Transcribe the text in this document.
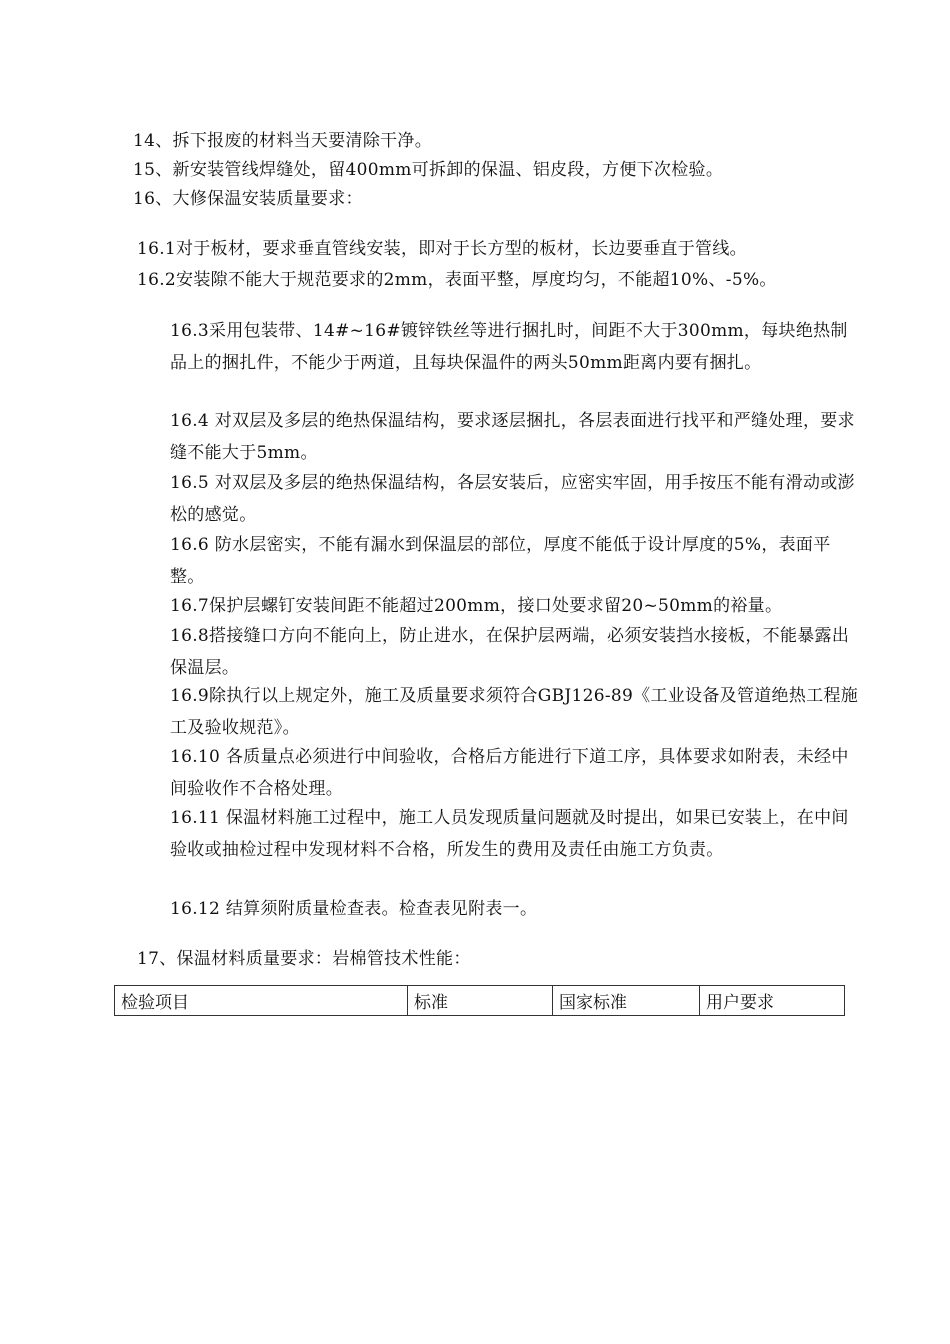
14、拆下报废的材料当天要清除干净。
15、新安装管线焊缝处，留400mm可拆卸的保温、铝皮段，方便下次检验。
16、大修保温安装质量要求：
16.1对于板材，要求垂直管线安装，即对于长方型的板材，长边要垂直于管线。
16.2安装隙不能大于规范要求的2mm，表面平整，厚度均匀，不能超10%、-5%。
16.3采用包装带、14#~16#镀锌铁丝等进行捆扎时，间距不大于300mm，每块绝热制品上的捆扎件，不能少于两道，且每块保温件的两头50mm距离内要有捆扎。
16.4 对双层及多层的绝热保温结构，要求逐层捆扎，各层表面进行找平和严缝处理，要求缝不能大于5mm。
16.5 对双层及多层的绝热保温结构，各层安装后，应密实牢固，用手按压不能有滑动或澎松的感觉。
16.6 防水层密实，不能有漏水到保温层的部位，厚度不能低于设计厚度的5%，表面平整。
16.7保护层螺钉安装间距不能超过200mm，接口处要求留20~50mm的裕量。
16.8搭接缝口方向不能向上，防止进水，在保护层两端，必须安装挡水接板，不能暴露出保温层。
16.9除执行以上规定外，施工及质量要求须符合GBJ126-89《工业设备及管道绝热工程施工及验收规范》。
16.10 各质量点必须进行中间验收，合格后方能进行下道工序，具体要求如附表，未经中间验收作不合格处理。
16.11 保温材料施工过程中，施工人员发现质量问题就及时提出，如果已安装上，在中间验收或抽检过程中发现材料不合格，所发生的费用及责任由施工方负责。
16.12 结算须附质量检查表。检查表见附表一。
17、保温材料质量要求：岩棉管技术性能：
检验项目	标准	国家标准	用户要求
